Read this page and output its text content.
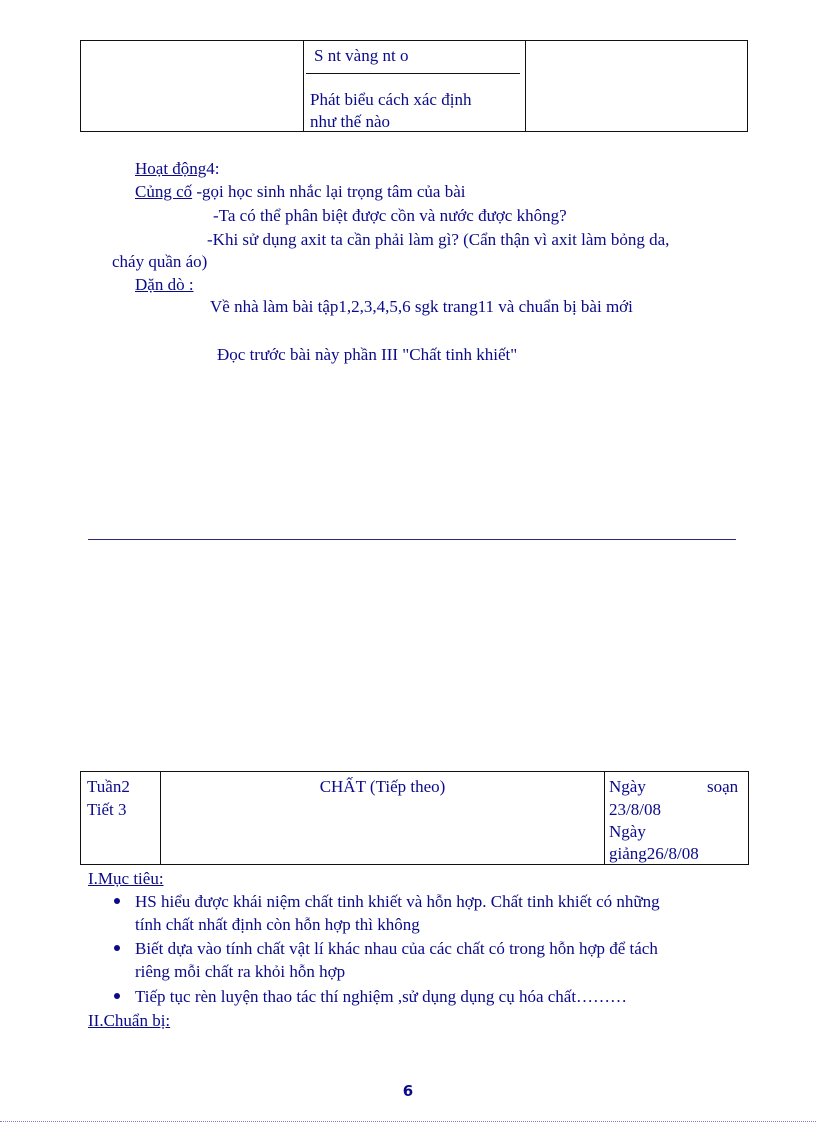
S nt vàng nt o
Phát biểu cách xác định
như thế nào
Hoạt động4:
Củng cố -gọi học sinh nhắc lại trọng tâm của bài
-Ta có thể phân biệt được cồn và nước được không?
-Khi sử dụng axit ta cần phải làm gì? (Cẩn thận vì axit làm bỏng da,
cháy quần áo)
Dặn dò :
Về nhà làm bài tập1,2,3,4,5,6 sgk trang11 và chuẩn bị bài mới
Đọc trước bài này phần III "Chất tinh khiết"
Tuần2
Tiết 3
CHẤT (Tiếp theo)	Ngày	soạn
23/8/08
Ngày
giảng26/8/08
I.Mục tiêu:
HS hiểu được khái niệm chất tinh khiết và hỗn hợp. Chất tinh khiết có những
tính chất nhất định còn hỗn hợp thì không
Biết dựa vào tính chất vật lí khác nhau của các chất có trong hỗn hợp để tách
riêng mỗi chất ra khỏi hỗn hợp
Tiếp tục rèn luyện thao tác thí nghiệm ,sử dụng dụng cụ hóa chất………
II.Chuẩn bị:
6
